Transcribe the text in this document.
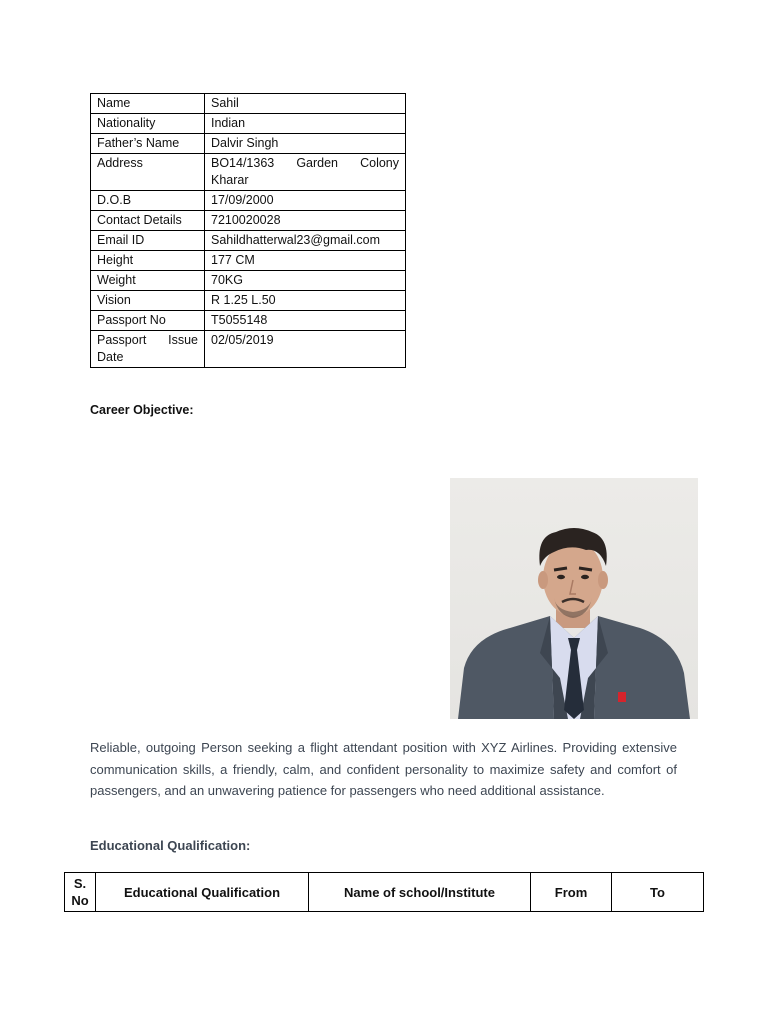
Name	Sahil
Nationality	Indian
Father’s Name	Dalvir Singh
Address	BO14/1363 Garden Colony
Kharar

D.O.B	17/09/2000
Contact Details	7210020028
Email ID	Sahildhatterwal23@gmail.com
Height	177 CM
Weight	70KG
Vision	R 1.25 L.50
Passport No	T5055148

Passport Issue
Date	02/05/2019
Career Objective:
Reliable, outgoing Person seeking a flight attendant position with XYZ Airlines. Providing extensive communication skills, a friendly, calm, and confident personality to maximize safety and comfort of passengers, and an unwavering patience for passengers who need additional assistance.
Educational Qualification:
S. No	Educational Qualification	Name of school/Institute	From	To
